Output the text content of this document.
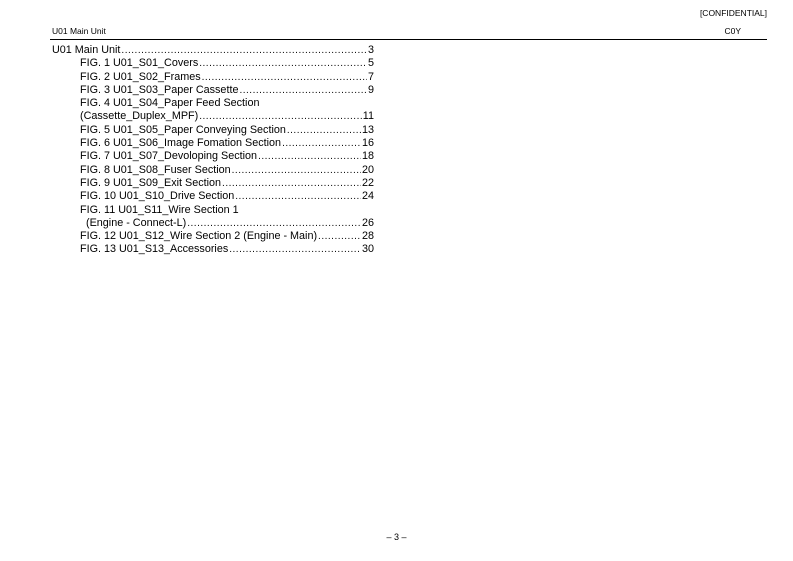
[CONFIDENTIAL]
U01 Main Unit	C0Y
U01 Main Unit .....	3
FIG. 1 U01_S01_Covers .....	5
FIG. 2 U01_S02_Frames .....	7
FIG. 3 U01_S03_Paper Cassette .....	9
FIG. 4 U01_S04_Paper Feed Section
(Cassette_Duplex_MPF) .....	11
FIG. 5 U01_S05_Paper Conveying Section .....	13
FIG. 6 U01_S06_Image Fomation Section .....	16
FIG. 7 U01_S07_Devoloping Section .....	18
FIG. 8 U01_S08_Fuser Section .....	20
FIG. 9 U01_S09_Exit Section .....	22
FIG. 10 U01_S10_Drive Section .....	24
FIG. 11 U01_S11_Wire Section 1
(Engine - Connect-L) .....	26
FIG. 12 U01_S12_Wire Section 2 (Engine - Main) .....	28
FIG. 13 U01_S13_Accessories .....	30
– 3 –
